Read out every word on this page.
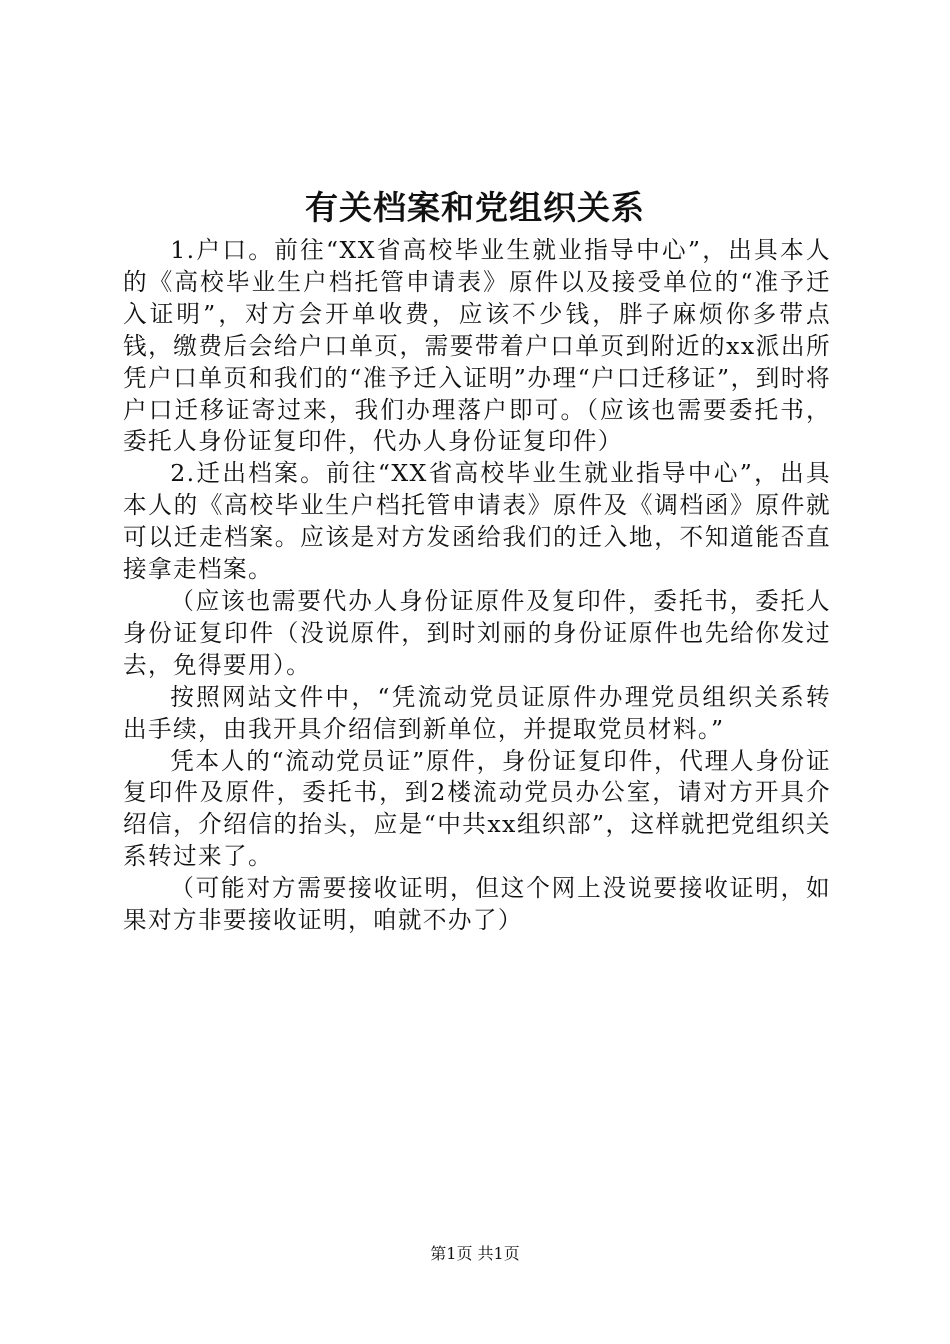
有关档案和党组织关系

1.户口。前往“XX省高校毕业生就业指导中心”，出具本人的《高校毕业生户档托管申请表》原件以及接受单位的“准予迁入证明”，对方会开单收费，应该不少钱，胖子麻烦你多带点钱，缴费后会给户口单页，需要带着户口单页到附近的xx派出所凭户口单页和我们的“准予迁入证明”办理“户口迁移证”，到时将户口迁移证寄过来，我们办理落户即可。（应该也需要委托书，委托人身份证复印件，代办人身份证复印件）

2.迁出档案。前往“XX省高校毕业生就业指导中心”，出具本人的《高校毕业生户档托管申请表》原件及《调档函》原件就可以迁走档案。应该是对方发函给我们的迁入地，不知道能否直接拿走档案。

（应该也需要代办人身份证原件及复印件，委托书，委托人身份证复印件（没说原件，到时刘丽的身份证原件也先给你发过去，免得要用）。

按照网站文件中，“凭流动党员证原件办理党员组织关系转出手续，由我开具介绍信到新单位，并提取党员材料。”

凭本人的“流动党员证”原件，身份证复印件，代理人身份证复印件及原件，委托书，到2楼流动党员办公室，请对方开具介绍信，介绍信的抬头，应是“中共xx组织部”，这样就把党组织关系转过来了。

（可能对方需要接收证明，但这个网上没说要接收证明，如果对方非要接收证明，咱就不办了）

第1页 共1页
